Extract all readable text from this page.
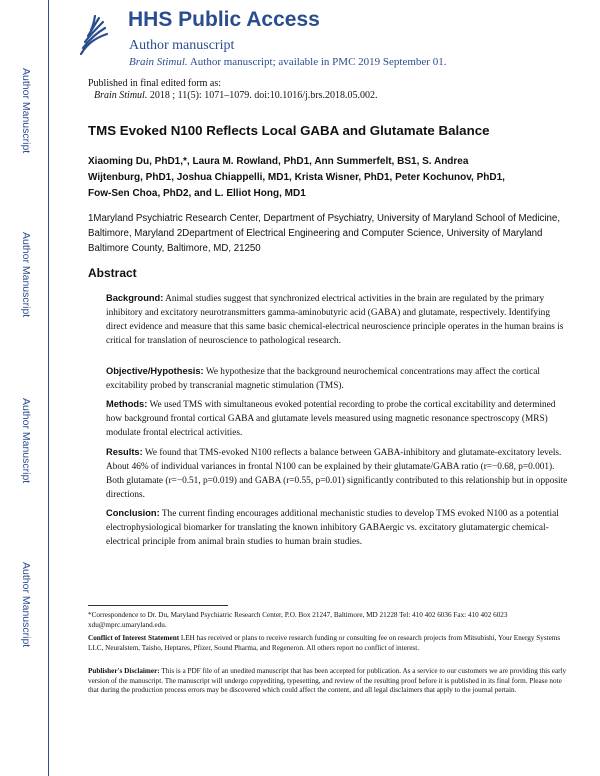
Author Manuscript
Author Manuscript
Author Manuscript
Author Manuscript
HHS Public Access
Author manuscript
Brain Stimul. Author manuscript; available in PMC 2019 September 01.
Published in final edited form as:
Brain Stimul. 2018 ; 11(5): 1071–1079. doi:10.1016/j.brs.2018.05.002.
TMS Evoked N100 Reflects Local GABA and Glutamate Balance
Xiaoming Du, PhD1,*, Laura M. Rowland, PhD1, Ann Summerfelt, BS1, S. Andrea
Wijtenburg, PhD1, Joshua Chiappelli, MD1, Krista Wisner, PhD1, Peter Kochunov, PhD1,
Fow-Sen Choa, PhD2, and L. Elliot Hong, MD1
1Maryland Psychiatric Research Center, Department of Psychiatry, University of Maryland School of Medicine, Baltimore, Maryland 2Department of Electrical Engineering and Computer Science, University of Maryland Baltimore County, Baltimore, MD, 21250
Abstract
Background: Animal studies suggest that synchronized electrical activities in the brain are regulated by the primary inhibitory and excitatory neurotransmitters gamma-aminobutyric acid (GABA) and glutamate, respectively. Identifying direct evidence and measure that this same basic chemical-electrical neuroscience principle operates in the human brains is critical for translation of neuroscience to pathological research.
Objective/Hypothesis: We hypothesize that the background neurochemical concentrations may affect the cortical excitability probed by transcranial magnetic stimulation (TMS).
Methods: We used TMS with simultaneous evoked potential recording to probe the cortical excitability and determined how background frontal cortical GABA and glutamate levels measured using magnetic resonance spectroscopy (MRS) modulate frontal electrical activities.
Results: We found that TMS-evoked N100 reflects a balance between GABA-inhibitory and glutamate-excitatory levels. About 46% of individual variances in frontal N100 can be explained by their glutamate/GABA ratio (r=−0.68, p=0.001). Both glutamate (r=−0.51, p=0.019) and GABA (r=0.55, p=0.01) significantly contributed to this relationship but in opposite directions.
Conclusion: The current finding encourages additional mechanistic studies to develop TMS evoked N100 as a potential electrophysiological biomarker for translating the known inhibitory GABAergic vs. excitatory glutamatergic chemical-electrical principle from animal brain studies to human brain studies.
*Correspondence to Dr. Du, Maryland Psychiatric Research Center, P.O. Box 21247, Baltimore, MD 21228 Tel: 410 402 6036 Fax: 410 402 6023 xdu@mprc.umaryland.edu.
Conflict of Interest Statement LEH has received or plans to receive research funding or consulting fee on research projects from Mitsubishi, Your Energy Systems LLC, Neuralstem, Taisho, Heptares, Pfizer, Sound Pharma, and Regeneron. All others report no conflict of interest.
Publisher's Disclaimer: This is a PDF file of an unedited manuscript that has been accepted for publication. As a service to our customers we are providing this early version of the manuscript. The manuscript will undergo copyediting, typesetting, and review of the resulting proof before it is published in its final form. Please note that during the production process errors may be discovered which could affect the content, and all legal disclaimers that apply to the journal pertain.
